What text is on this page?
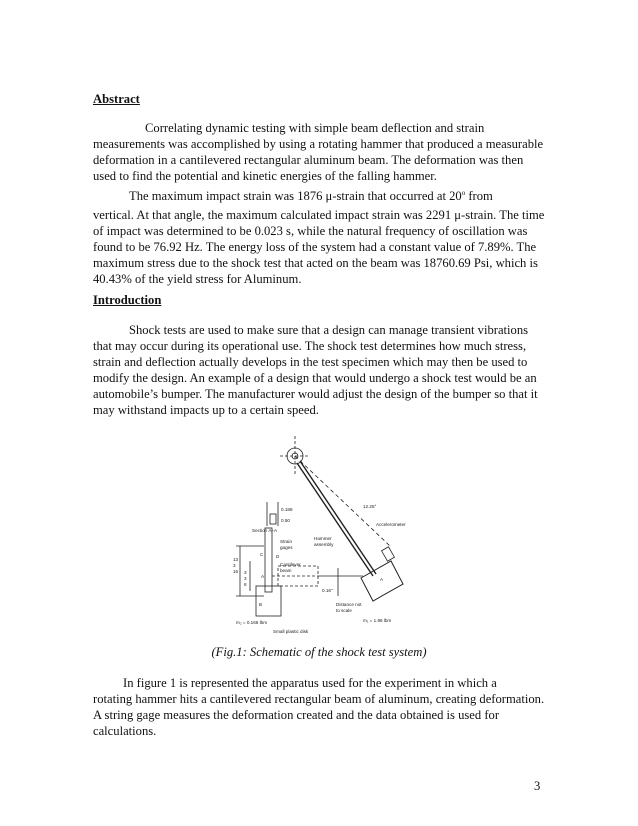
Abstract

Correlating dynamic testing with simple beam deflection and strain
measurements was accomplished by using a rotating hammer that produced a measurable
deformation in a cantilevered rectangular aluminum beam. The deformation was then
used to find the potential and kinetic energies of the falling hammer.
The maximum impact strain was 1876 μ-strain that occurred at 20$^o$ from
vertical. At that angle, the maximum calculated impact strain was 2291 μ-strain. The time
of impact was determined to be 0.023 s, while the natural frequency of oscillation was
found to be 76.92 Hz. The energy loss of the system had a constant value of 7.89%. The
maximum stress due to the shock test that acted on the beam was 18760.69 Psi, which is
40.43% of the yield stress for Aluminum.

Introduction

Shock tests are used to make sure that a design can manage transient vibrations
that may occur during its operational use. The shock test determines how much stress,
strain and deflection actually develops in the test specimen which may then be used to
modify the design. An example of a design that would undergo a shock test would be an
automobile’s bumper. The manufacturer would adjust the design of the bumper so that it
may withstand impacts up to a certain speed.

12.25°
0.188
0.50
Section A–A
Strain
gages
Cantilever
beam
Hammer
assembly
Accelerometer
3
13
16
3
3
8
0.16"
m₁ = 1.96 lbm
m₂ = 0.166 lbm
Distance not
to scale
Small plastic disk
C	D
A
A
B
(Fig.1: Schematic of the shock test system)

In figure 1 is represented the apparatus used for the experiment in which a
rotating hammer hits a cantilevered rectangular beam of aluminum, creating deformation.
A string gage measures the deformation created and the data obtained is used for
calculations.

3
